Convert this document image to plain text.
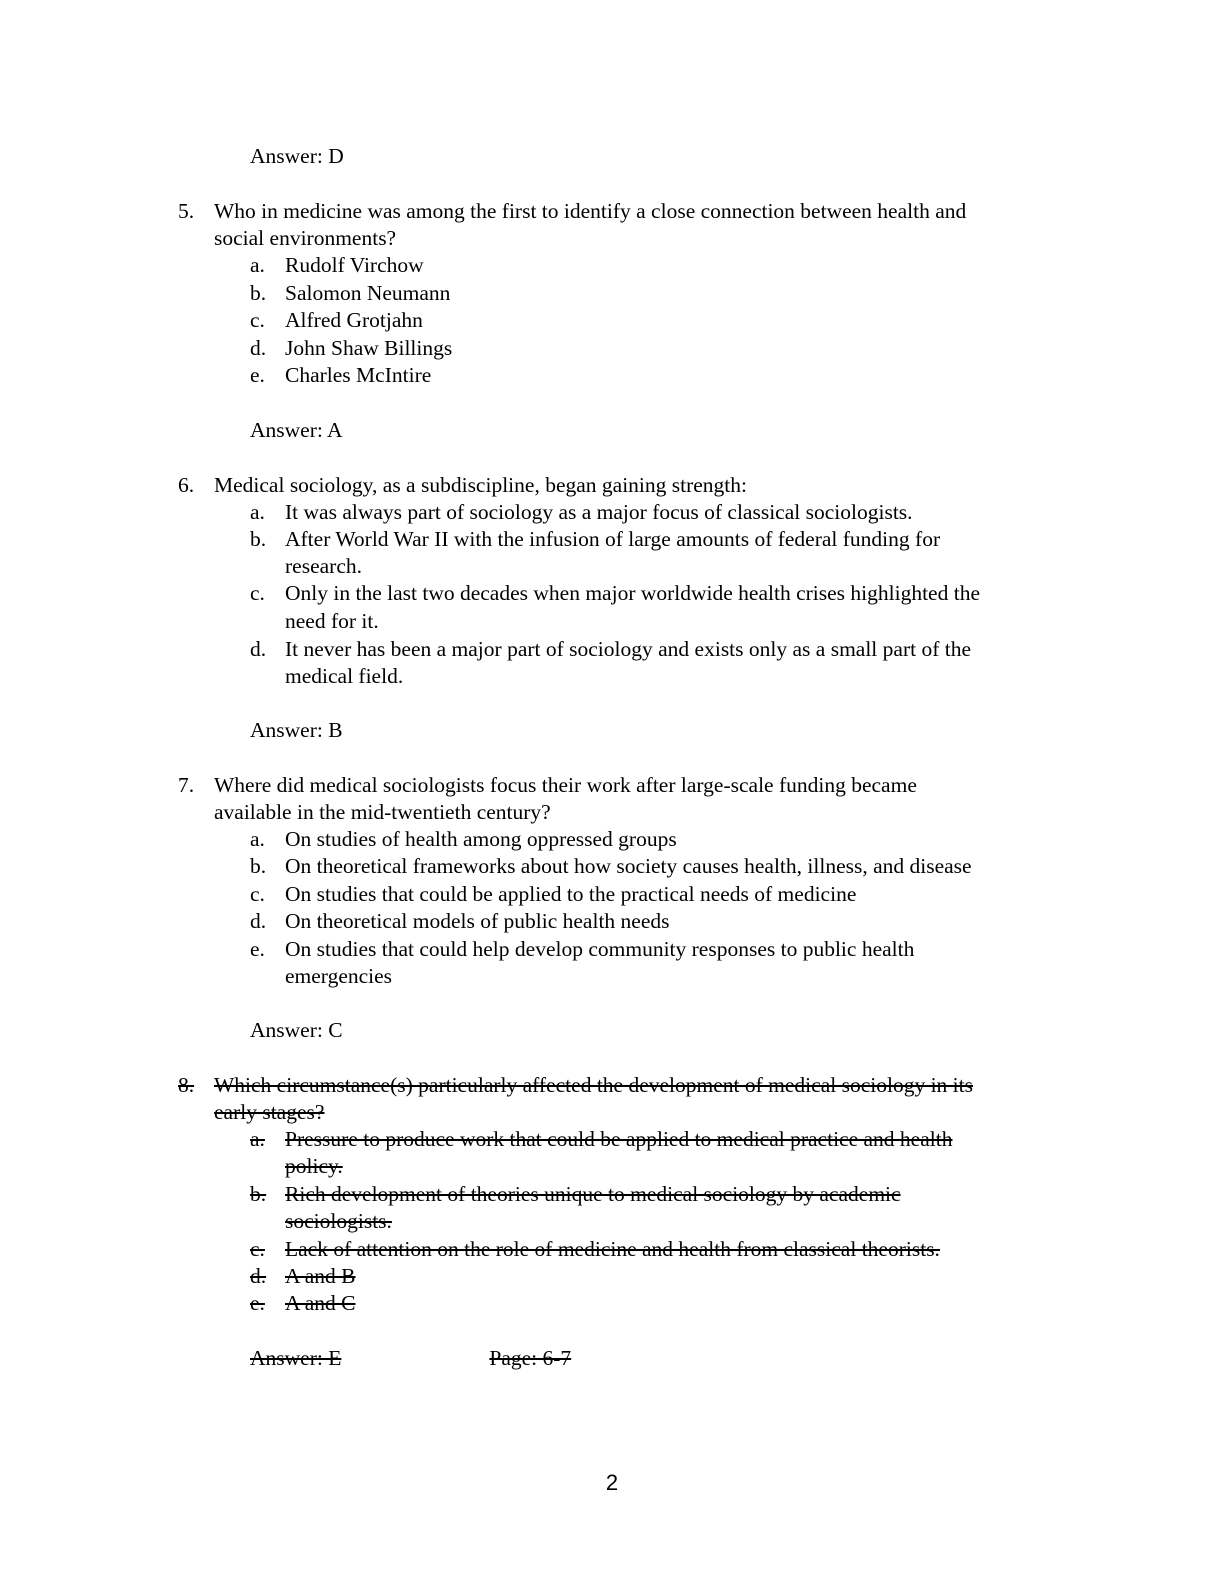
Answer: D
5. Who in medicine was among the first to identify a close connection between health and
social environments?
a. Rudolf Virchow
b. Salomon Neumann
c. Alfred Grotjahn
d. John Shaw Billings
e. Charles McIntire
Answer: A
6. Medical sociology, as a subdiscipline, began gaining strength:
a. It was always part of sociology as a major focus of classical sociologists.
b. After World War II with the infusion of large amounts of federal funding for
research.
c. Only in the last two decades when major worldwide health crises highlighted the
need for it.
d. It never has been a major part of sociology and exists only as a small part of the
medical field.
Answer: B
7. Where did medical sociologists focus their work after large-scale funding became
available in the mid-twentieth century?
a. On studies of health among oppressed groups
b. On theoretical frameworks about how society causes health, illness, and disease
c. On studies that could be applied to the practical needs of medicine
d. On theoretical models of public health needs
e. On studies that could help develop community responses to public health
emergencies
Answer: C
8. Which circumstance(s) particularly affected the development of medical sociology in its
early stages?
a. Pressure to produce work that could be applied to medical practice and health
policy.
b. Rich development of theories unique to medical sociology by academic
sociologists.
c. Lack of attention on the role of medicine and health from classical theorists.
d. A and B
e. A and C
Answer: E	Page: 6-7
2
